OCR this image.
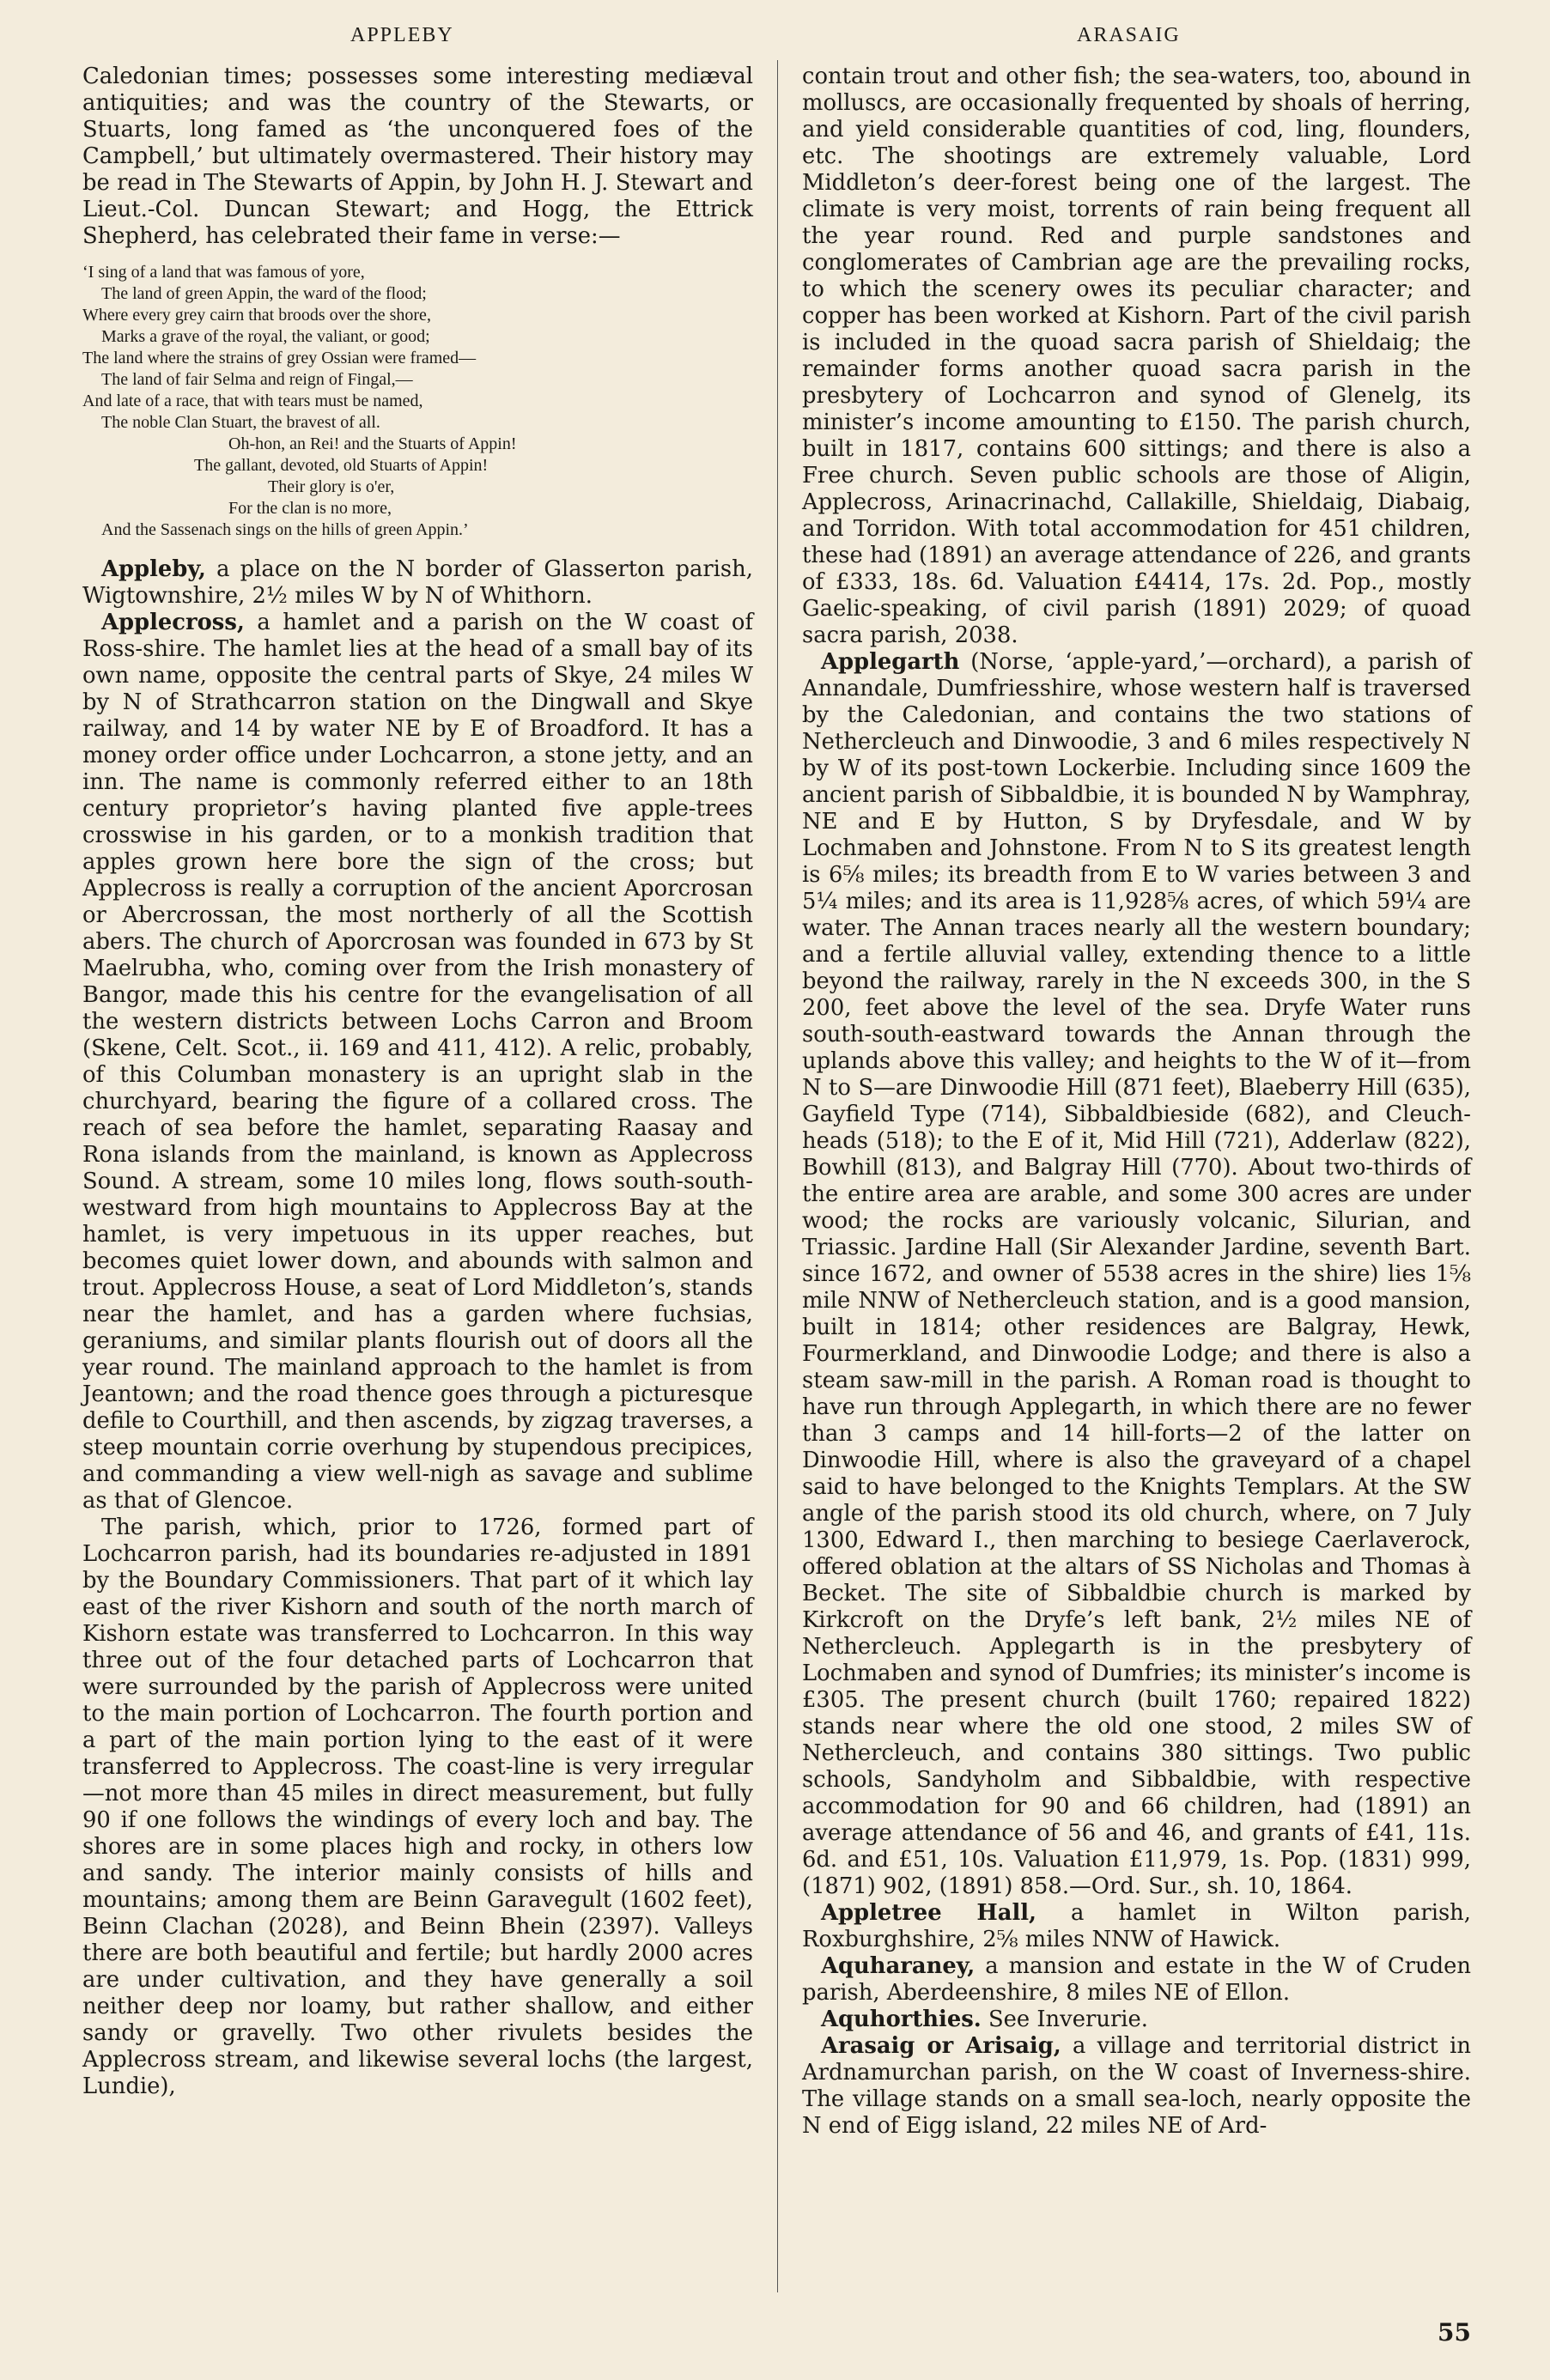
APPLEBY	ARASAIG

Caledonian times; possesses some interesting mediæval antiquities; and was the country of the Stewarts, or Stuarts, long famed as ‘the unconquered foes of the Campbell,’ but ultimately overmastered. Their history may be read in The Stewarts of Appin, by John H. J. Stewart and Lieut.-Col. Duncan Stewart; and Hogg, the Ettrick Shepherd, has celebrated their fame in verse:—

‘I sing of a land that was famous of yore,
The land of green Appin, the ward of the flood;
Where every grey cairn that broods over the shore,
Marks a grave of the royal, the valiant, or good;
The land where the strains of grey Ossian were framed—
The land of fair Selma and reign of Fingal,—
And late of a race, that with tears must be named,
The noble Clan Stuart, the bravest of all.
Oh-hon, an Rei! and the Stuarts of Appin!
The gallant, devoted, old Stuarts of Appin!
Their glory is o'er,
For the clan is no more,
And the Sassenach sings on the hills of green Appin.’

Appleby, a place on the N border of Glasserton parish, Wigtownshire, 2½ miles W by N of Whithorn.

Applecross, a hamlet and a parish on the W coast of Ross-shire. The hamlet lies at the head of a small bay of its own name, opposite the central parts of Skye, 24 miles W by N of Strathcarron station on the Dingwall and Skye railway, and 14 by water NE by E of Broadford. It has a money order office under Lochcarron, a stone jetty, and an inn. The name is commonly referred either to an 18th century proprietor’s having planted five apple-trees crosswise in his garden, or to a monkish tradition that apples grown here bore the sign of the cross; but Applecross is really a corruption of the ancient Aporcrosan or Abercrossan, the most northerly of all the Scottish abers. The church of Aporcrosan was founded in 673 by St Maelrubha, who, coming over from the Irish monastery of Bangor, made this his centre for the evangelisation of all the western districts between Lochs Carron and Broom (Skene, Celt. Scot., ii. 169 and 411, 412). A relic, probably, of this Columban monastery is an upright slab in the churchyard, bearing the figure of a collared cross. The reach of sea before the hamlet, separating Raasay and Rona islands from the mainland, is known as Applecross Sound. A stream, some 10 miles long, flows south-south-westward from high mountains to Applecross Bay at the hamlet, is very impetuous in its upper reaches, but becomes quiet lower down, and abounds with salmon and trout. Applecross House, a seat of Lord Middleton’s, stands near the hamlet, and has a garden where fuchsias, geraniums, and similar plants flourish out of doors all the year round. The mainland approach to the hamlet is from Jeantown; and the road thence goes through a picturesque defile to Courthill, and then ascends, by zigzag traverses, a steep mountain corrie overhung by stupendous precipices, and commanding a view well-nigh as savage and sublime as that of Glencoe.

The parish, which, prior to 1726, formed part of Lochcarron parish, had its boundaries re-adjusted in 1891 by the Boundary Commissioners. That part of it which lay east of the river Kishorn and south of the north march of Kishorn estate was transferred to Lochcarron. In this way three out of the four detached parts of Lochcarron that were surrounded by the parish of Applecross were united to the main portion of Lochcarron. The fourth portion and a part of the main portion lying to the east of it were transferred to Applecross. The coast-line is very irregular—not more than 45 miles in direct measurement, but fully 90 if one follows the windings of every loch and bay. The shores are in some places high and rocky, in others low and sandy. The interior mainly consists of hills and mountains; among them are Beinn Garavegult (1602 feet), Beinn Clachan (2028), and Beinn Bhein (2397). Valleys there are both beautiful and fertile; but hardly 2000 acres are under cultivation, and they have generally a soil neither deep nor loamy, but rather shallow, and either sandy or gravelly. Two other rivulets besides the Applecross stream, and likewise several lochs (the largest, Lundie),

contain trout and other fish; the sea-waters, too, abound in molluscs, are occasionally frequented by shoals of herring, and yield considerable quantities of cod, ling, flounders, etc. The shootings are extremely valuable, Lord Middleton’s deer-forest being one of the largest. The climate is very moist, torrents of rain being frequent all the year round. Red and purple sandstones and conglomerates of Cambrian age are the prevailing rocks, to which the scenery owes its peculiar character; and copper has been worked at Kishorn. Part of the civil parish is included in the quoad sacra parish of Shieldaig; the remainder forms another quoad sacra parish in the presbytery of Lochcarron and synod of Glenelg, its minister’s income amounting to £150. The parish church, built in 1817, contains 600 sittings; and there is also a Free church. Seven public schools are those of Aligin, Applecross, Arinacrinachd, Callakille, Shieldaig, Diabaig, and Torridon. With total accommodation for 451 children, these had (1891) an average attendance of 226, and grants of £333, 18s. 6d. Valuation £4414, 17s. 2d. Pop., mostly Gaelic-speaking, of civil parish (1891) 2029; of quoad sacra parish, 2038.

Applegarth (Norse, ‘apple-yard,’—orchard), a parish of Annandale, Dumfriesshire, whose western half is traversed by the Caledonian, and contains the two stations of Nethercleuch and Dinwoodie, 3 and 6 miles respectively N by W of its post-town Lockerbie. Including since 1609 the ancient parish of Sibbaldbie, it is bounded N by Wamphray, NE and E by Hutton, S by Dryfesdale, and W by Lochmaben and Johnstone. From N to S its greatest length is 6⅝ miles; its breadth from E to W varies between 3 and 5¼ miles; and its area is 11,928⅝ acres, of which 59¼ are water. The Annan traces nearly all the western boundary; and a fertile alluvial valley, extending thence to a little beyond the railway, rarely in the N exceeds 300, in the S 200, feet above the level of the sea. Dryfe Water runs south-south-eastward towards the Annan through the uplands above this valley; and heights to the W of it—from N to S—are Dinwoodie Hill (871 feet), Blaeberry Hill (635), Gayfield Type (714), Sibbaldbieside (682), and Cleuch-heads (518); to the E of it, Mid Hill (721), Adderlaw (822), Bowhill (813), and Balgray Hill (770). About two-thirds of the entire area are arable, and some 300 acres are under wood; the rocks are variously volcanic, Silurian, and Triassic. Jardine Hall (Sir Alexander Jardine, seventh Bart. since 1672, and owner of 5538 acres in the shire) lies 1⅝ mile NNW of Nethercleuch station, and is a good mansion, built in 1814; other residences are Balgray, Hewk, Fourmerkland, and Dinwoodie Lodge; and there is also a steam saw-mill in the parish. A Roman road is thought to have run through Applegarth, in which there are no fewer than 3 camps and 14 hill-forts—2 of the latter on Dinwoodie Hill, where is also the graveyard of a chapel said to have belonged to the Knights Templars. At the SW angle of the parish stood its old church, where, on 7 July 1300, Edward I., then marching to besiege Caerlaverock, offered oblation at the altars of SS Nicholas and Thomas à Becket. The site of Sibbaldbie church is marked by Kirkcroft on the Dryfe’s left bank, 2½ miles NE of Nethercleuch. Applegarth is in the presbytery of Lochmaben and synod of Dumfries; its minister’s income is £305. The present church (built 1760; repaired 1822) stands near where the old one stood, 2 miles SW of Nethercleuch, and contains 380 sittings. Two public schools, Sandyholm and Sibbaldbie, with respective accommodation for 90 and 66 children, had (1891) an average attendance of 56 and 46, and grants of £41, 11s. 6d. and £51, 10s. Valuation £11,979, 1s. Pop. (1831) 999, (1871) 902, (1891) 858.—Ord. Sur., sh. 10, 1864.

Appletree Hall, a hamlet in Wilton parish, Roxburghshire, 2⅝ miles NNW of Hawick.

Aquharaney, a mansion and estate in the W of Cruden parish, Aberdeenshire, 8 miles NE of Ellon.

Aquhorthies. See Inverurie.

Arasaig or Arisaig, a village and territorial district in Ardnamurchan parish, on the W coast of Inverness-shire. The village stands on a small sea-loch, nearly opposite the N end of Eigg island, 22 miles NE of Ard-

55
